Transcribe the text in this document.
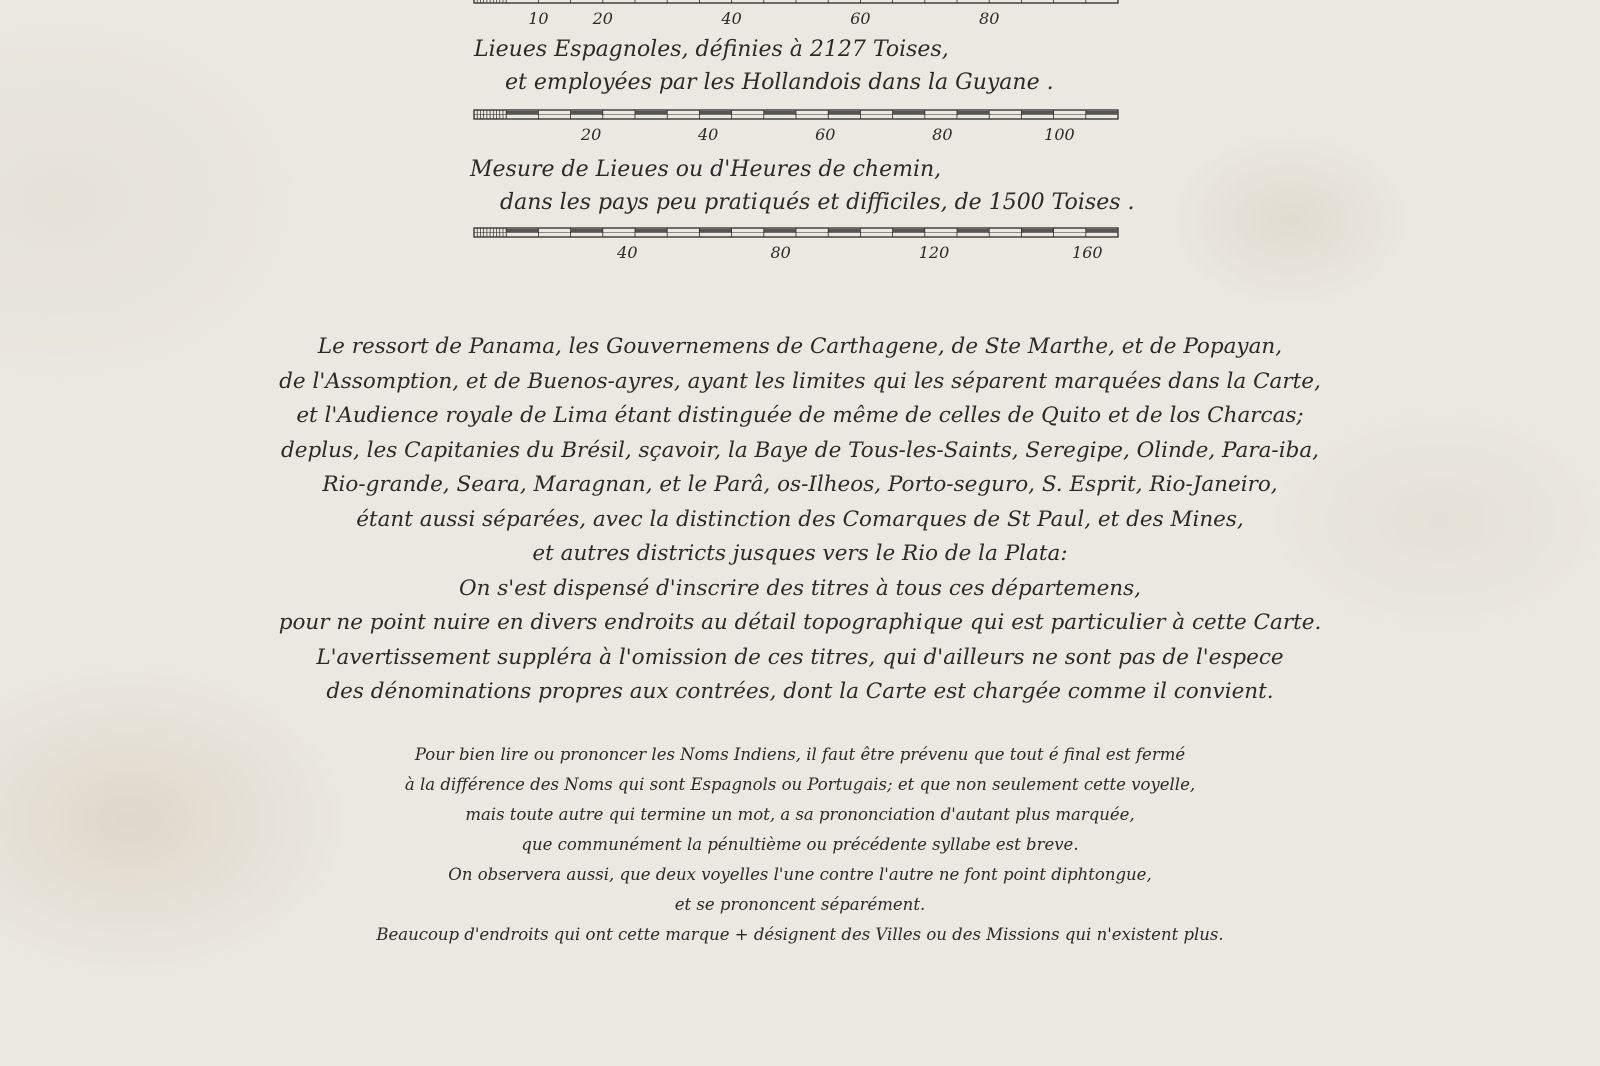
10	20	40	60	80
20	40	60	80	100
40	80	120	160
Lieues Espagnoles, définies à 2127 Toises,
et employées par les Hollandois dans la Guyane .
Mesure de Lieues ou d'Heures de chemin,
dans les pays peu pratiqués et difficiles, de 1500 Toises .
Le ressort de Panama, les Gouvernemens de Carthagene, de Ste Marthe, et de Popayan,
de l'Assomption, et de Buenos-ayres, ayant les limites qui les séparent marquées dans la Carte,
et l'Audience royale de Lima étant distinguée de même de celles de Quito et de los Charcas;
deplus, les Capitanies du Brésil, sçavoir, la Baye de Tous-les-Saints, Seregipe, Olinde, Para-iba,
Rio-grande, Seara, Maragnan, et le Parâ, os-Ilheos, Porto-seguro, S. Esprit, Rio-Janeiro,
étant aussi séparées, avec la distinction des Comarques de St Paul, et des Mines,
et autres districts jusques vers le Rio de la Plata:
On s'est dispensé d'inscrire des titres à tous ces départemens,
pour ne point nuire en divers endroits au détail topographique qui est particulier à cette Carte.
L'avertissement suppléra à l'omission de ces titres, qui d'ailleurs ne sont pas de l'espece
des dénominations propres aux contrées, dont la Carte est chargée comme il convient.
Pour bien lire ou prononcer les Noms Indiens, il faut être prévenu que tout é final est fermé
à la différence des Noms qui sont Espagnols ou Portugais; et que non seulement cette voyelle,
mais toute autre qui termine un mot, a sa prononciation d'autant plus marquée,
que communément la pénultième ou précédente syllabe est breve.
On observera aussi, que deux voyelles l'une contre l'autre ne font point diphtongue,
et se prononcent séparément.
Beaucoup d'endroits qui ont cette marque + désignent des Villes ou des Missions qui n'existent plus.
